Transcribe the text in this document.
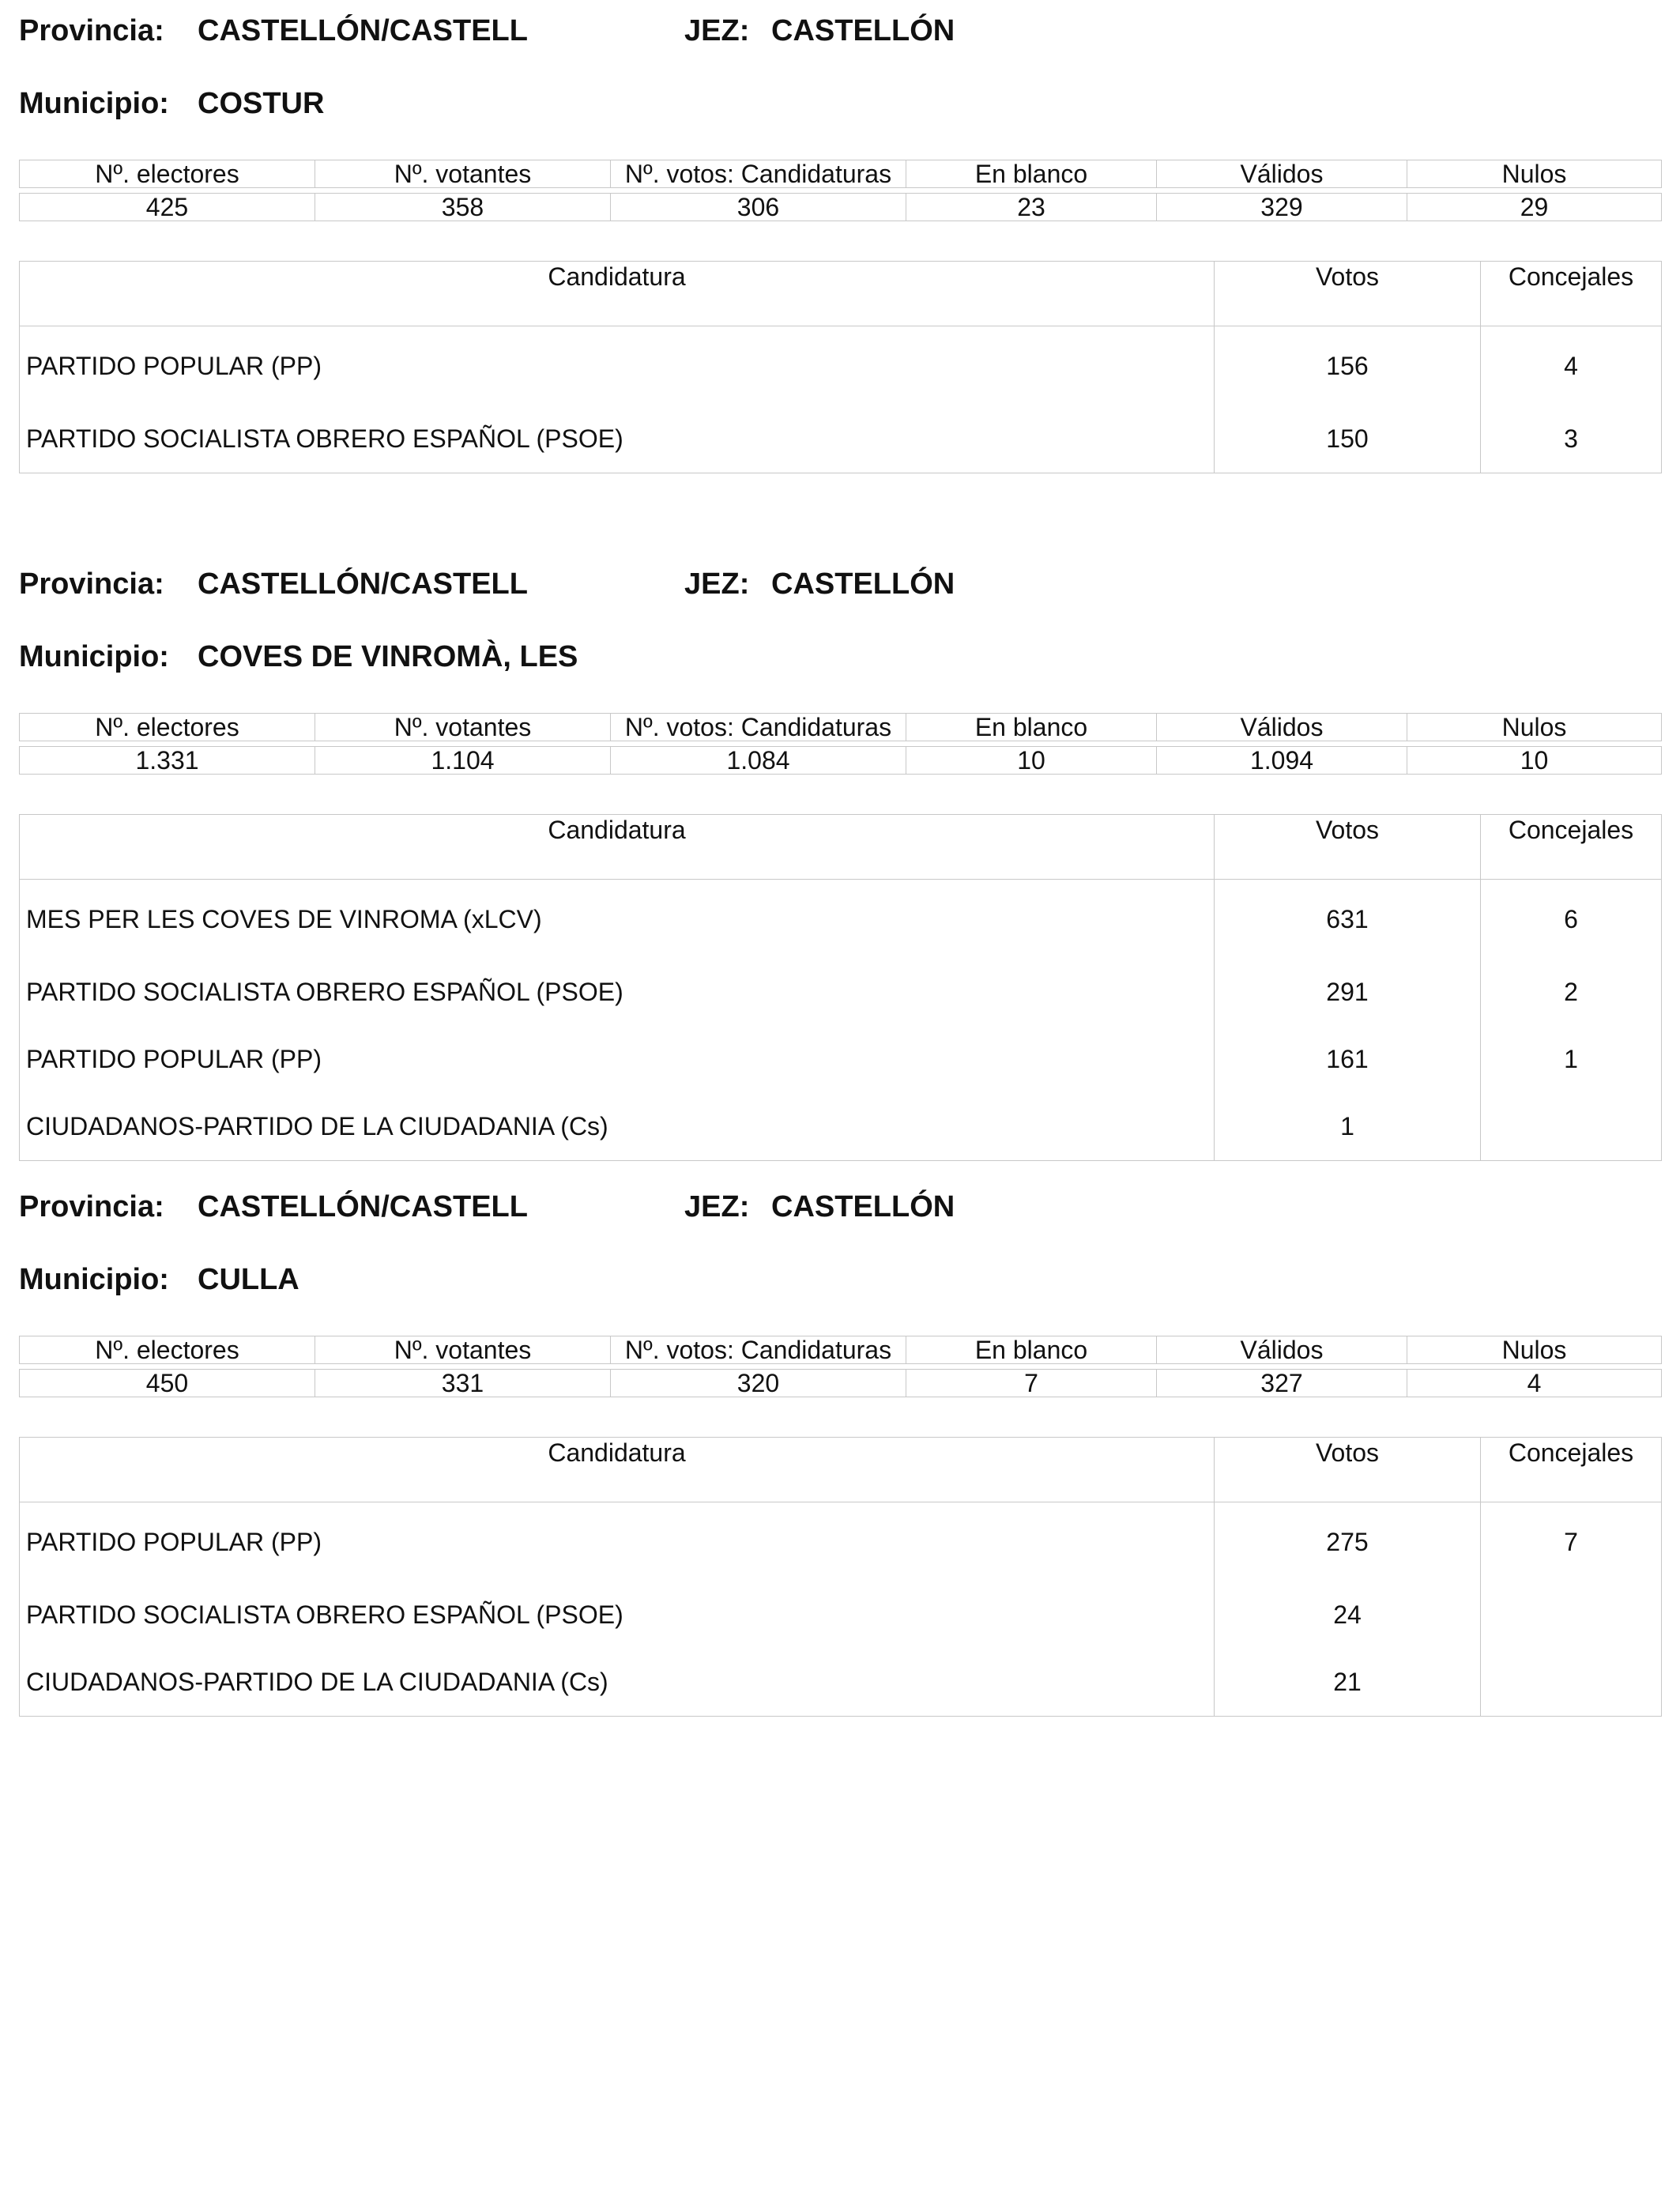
Provincia: CASTELLÓN/CASTELL	JEZ: CASTELLÓN
Municipio: COSTUR
Nº. electores	Nº. votantes	Nº. votos: Candidaturas	En blanco	Válidos	Nulos

425	358	306	23	329	29
Candidatura	Votos	Concejales
PARTIDO POPULAR (PP)	156	4
PARTIDO SOCIALISTA OBRERO ESPAÑOL (PSOE)	150	3
Provincia: CASTELLÓN/CASTELL	JEZ: CASTELLÓN
Municipio: COVES DE VINROMÀ, LES
Nº. electores	Nº. votantes	Nº. votos: Candidaturas	En blanco	Válidos	Nulos

1.331	1.104	1.084	10	1.094	10
Candidatura	Votos	Concejales
MES PER LES COVES DE VINROMA (xLCV)	631	6
PARTIDO SOCIALISTA OBRERO ESPAÑOL (PSOE)	291	2
PARTIDO POPULAR (PP)	161	1
CIUDADANOS-PARTIDO DE LA CIUDADANIA (Cs)	1	
Provincia: CASTELLÓN/CASTELL	JEZ: CASTELLÓN
Municipio: CULLA
Nº. electores	Nº. votantes	Nº. votos: Candidaturas	En blanco	Válidos	Nulos

450	331	320	7	327	4
Candidatura	Votos	Concejales
PARTIDO POPULAR (PP)	275	7
PARTIDO SOCIALISTA OBRERO ESPAÑOL (PSOE)	24	
CIUDADANOS-PARTIDO DE LA CIUDADANIA (Cs)	21	
